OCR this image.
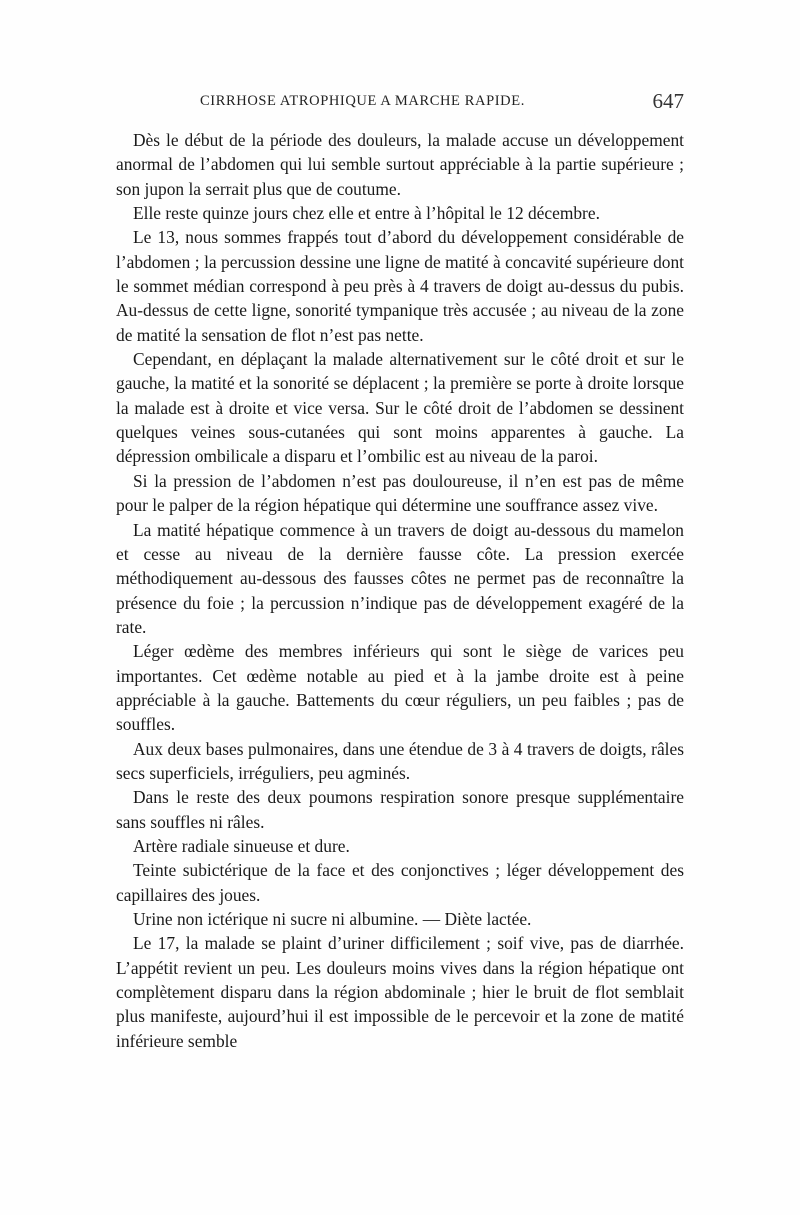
CIRRHOSE ATROPHIQUE A MARCHE RAPIDE.	647

Dès le début de la période des douleurs, la malade accuse un développement anormal de l’abdomen qui lui semble surtout appréciable à la partie supérieure ; son jupon la serrait plus que de coutume.

Elle reste quinze jours chez elle et entre à l’hôpital le 12 décembre.

Le 13, nous sommes frappés tout d’abord du développement considérable de l’abdomen ; la percussion dessine une ligne de matité à concavité supérieure dont le sommet médian correspond à peu près à 4 travers de doigt au-dessus du pubis. Au-dessus de cette ligne, sonorité tympanique très accusée ; au niveau de la zone de matité la sensation de flot n’est pas nette.

Cependant, en déplaçant la malade alternativement sur le côté droit et sur le gauche, la matité et la sonorité se déplacent ; la première se porte à droite lorsque la malade est à droite et vice versa. Sur le côté droit de l’abdomen se dessinent quelques veines sous-cutanées qui sont moins apparentes à gauche. La dépression ombilicale a disparu et l’ombilic est au niveau de la paroi.

Si la pression de l’abdomen n’est pas douloureuse, il n’en est pas de même pour le palper de la région hépatique qui détermine une souffrance assez vive.

La matité hépatique commence à un travers de doigt au-dessous du mamelon et cesse au niveau de la dernière fausse côte. La pression exercée méthodiquement au-dessous des fausses côtes ne permet pas de reconnaître la présence du foie ; la percussion n’indique pas de développement exagéré de la rate.

Léger œdème des membres inférieurs qui sont le siège de varices peu importantes. Cet œdème notable au pied et à la jambe droite est à peine appréciable à la gauche. Battements du cœur réguliers, un peu faibles ; pas de souffles.

Aux deux bases pulmonaires, dans une étendue de 3 à 4 travers de doigts, râles secs superficiels, irréguliers, peu agminés.

Dans le reste des deux poumons respiration sonore presque supplémentaire sans souffles ni râles.

Artère radiale sinueuse et dure.

Teinte subictérique de la face et des conjonctives ; léger développement des capillaires des joues.

Urine non ictérique ni sucre ni albumine. — Diète lactée.

Le 17, la malade se plaint d’uriner difficilement ; soif vive, pas de diarrhée. L’appétit revient un peu. Les douleurs moins vives dans la région hépatique ont complètement disparu dans la région abdominale ; hier le bruit de flot semblait plus manifeste, aujourd’hui il est impossible de le percevoir et la zone de matité inférieure semble
